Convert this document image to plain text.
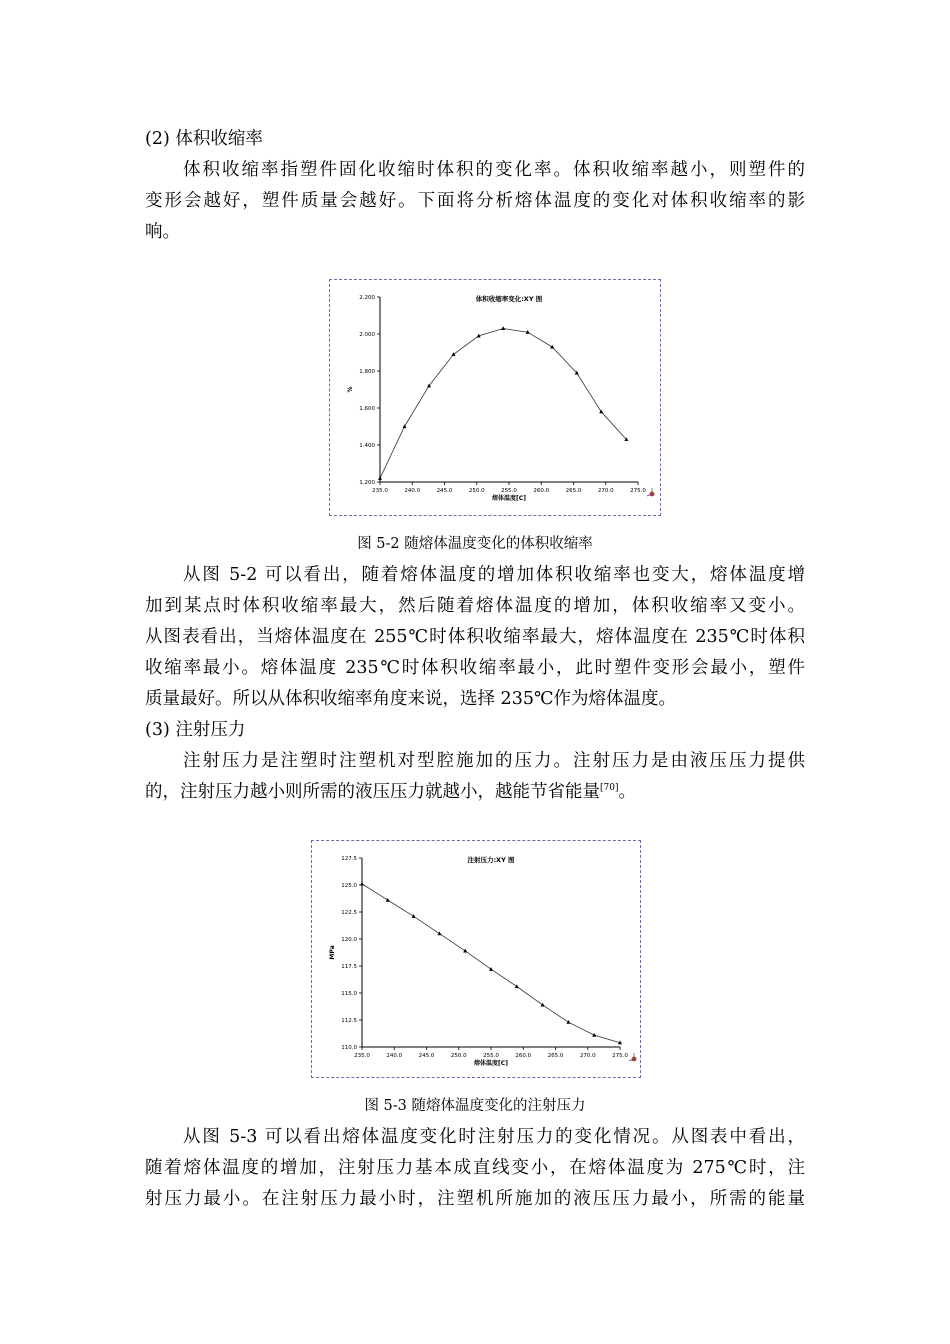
(2) 体积收缩率
体积收缩率指塑件固化收缩时体积的变化率。体积收缩率越小，则塑件的
变形会越好，塑件质量会越好。下面将分析熔体温度的变化对体积收缩率的影
响。
体积收缩率变化:XY 图
1.200
1.400
1.600
1.800
2.000
2.200
235.0	240.0	245.0	250.0	255.0	260.0	265.0	270.0	275.0
熔体温度[C]
%
图 5-2 随熔体温度变化的体积收缩率
从图 5-2 可以看出，随着熔体温度的增加体积收缩率也变大，熔体温度增
加到某点时体积收缩率最大，然后随着熔体温度的增加，体积收缩率又变小。
从图表看出，当熔体温度在 255℃时体积收缩率最大，熔体温度在 235℃时体积
收缩率最小。熔体温度 235℃时体积收缩率最小，此时塑件变形会最小，塑件
质量最好。所以从体积收缩率角度来说，选择 235℃作为熔体温度。
(3) 注射压力
注射压力是注塑时注塑机对型腔施加的压力。注射压力是由液压压力提供
的，注射压力越小则所需的液压压力就越小，越能节省能量[70]。
注射压力:XY 图
110.0
112.5
115.0
117.5
120.0
122.5
125.0
127.5
235.0	240.0	245.0	250.0	255.0	260.0	265.0	270.0	275.0
熔体温度[C]
MPa
图 5-3 随熔体温度变化的注射压力
从图 5-3 可以看出熔体温度变化时注射压力的变化情况。从图表中看出，
随着熔体温度的增加，注射压力基本成直线变小，在熔体温度为 275℃时，注
射压力最小。在注射压力最小时，注塑机所施加的液压压力最小，所需的能量
